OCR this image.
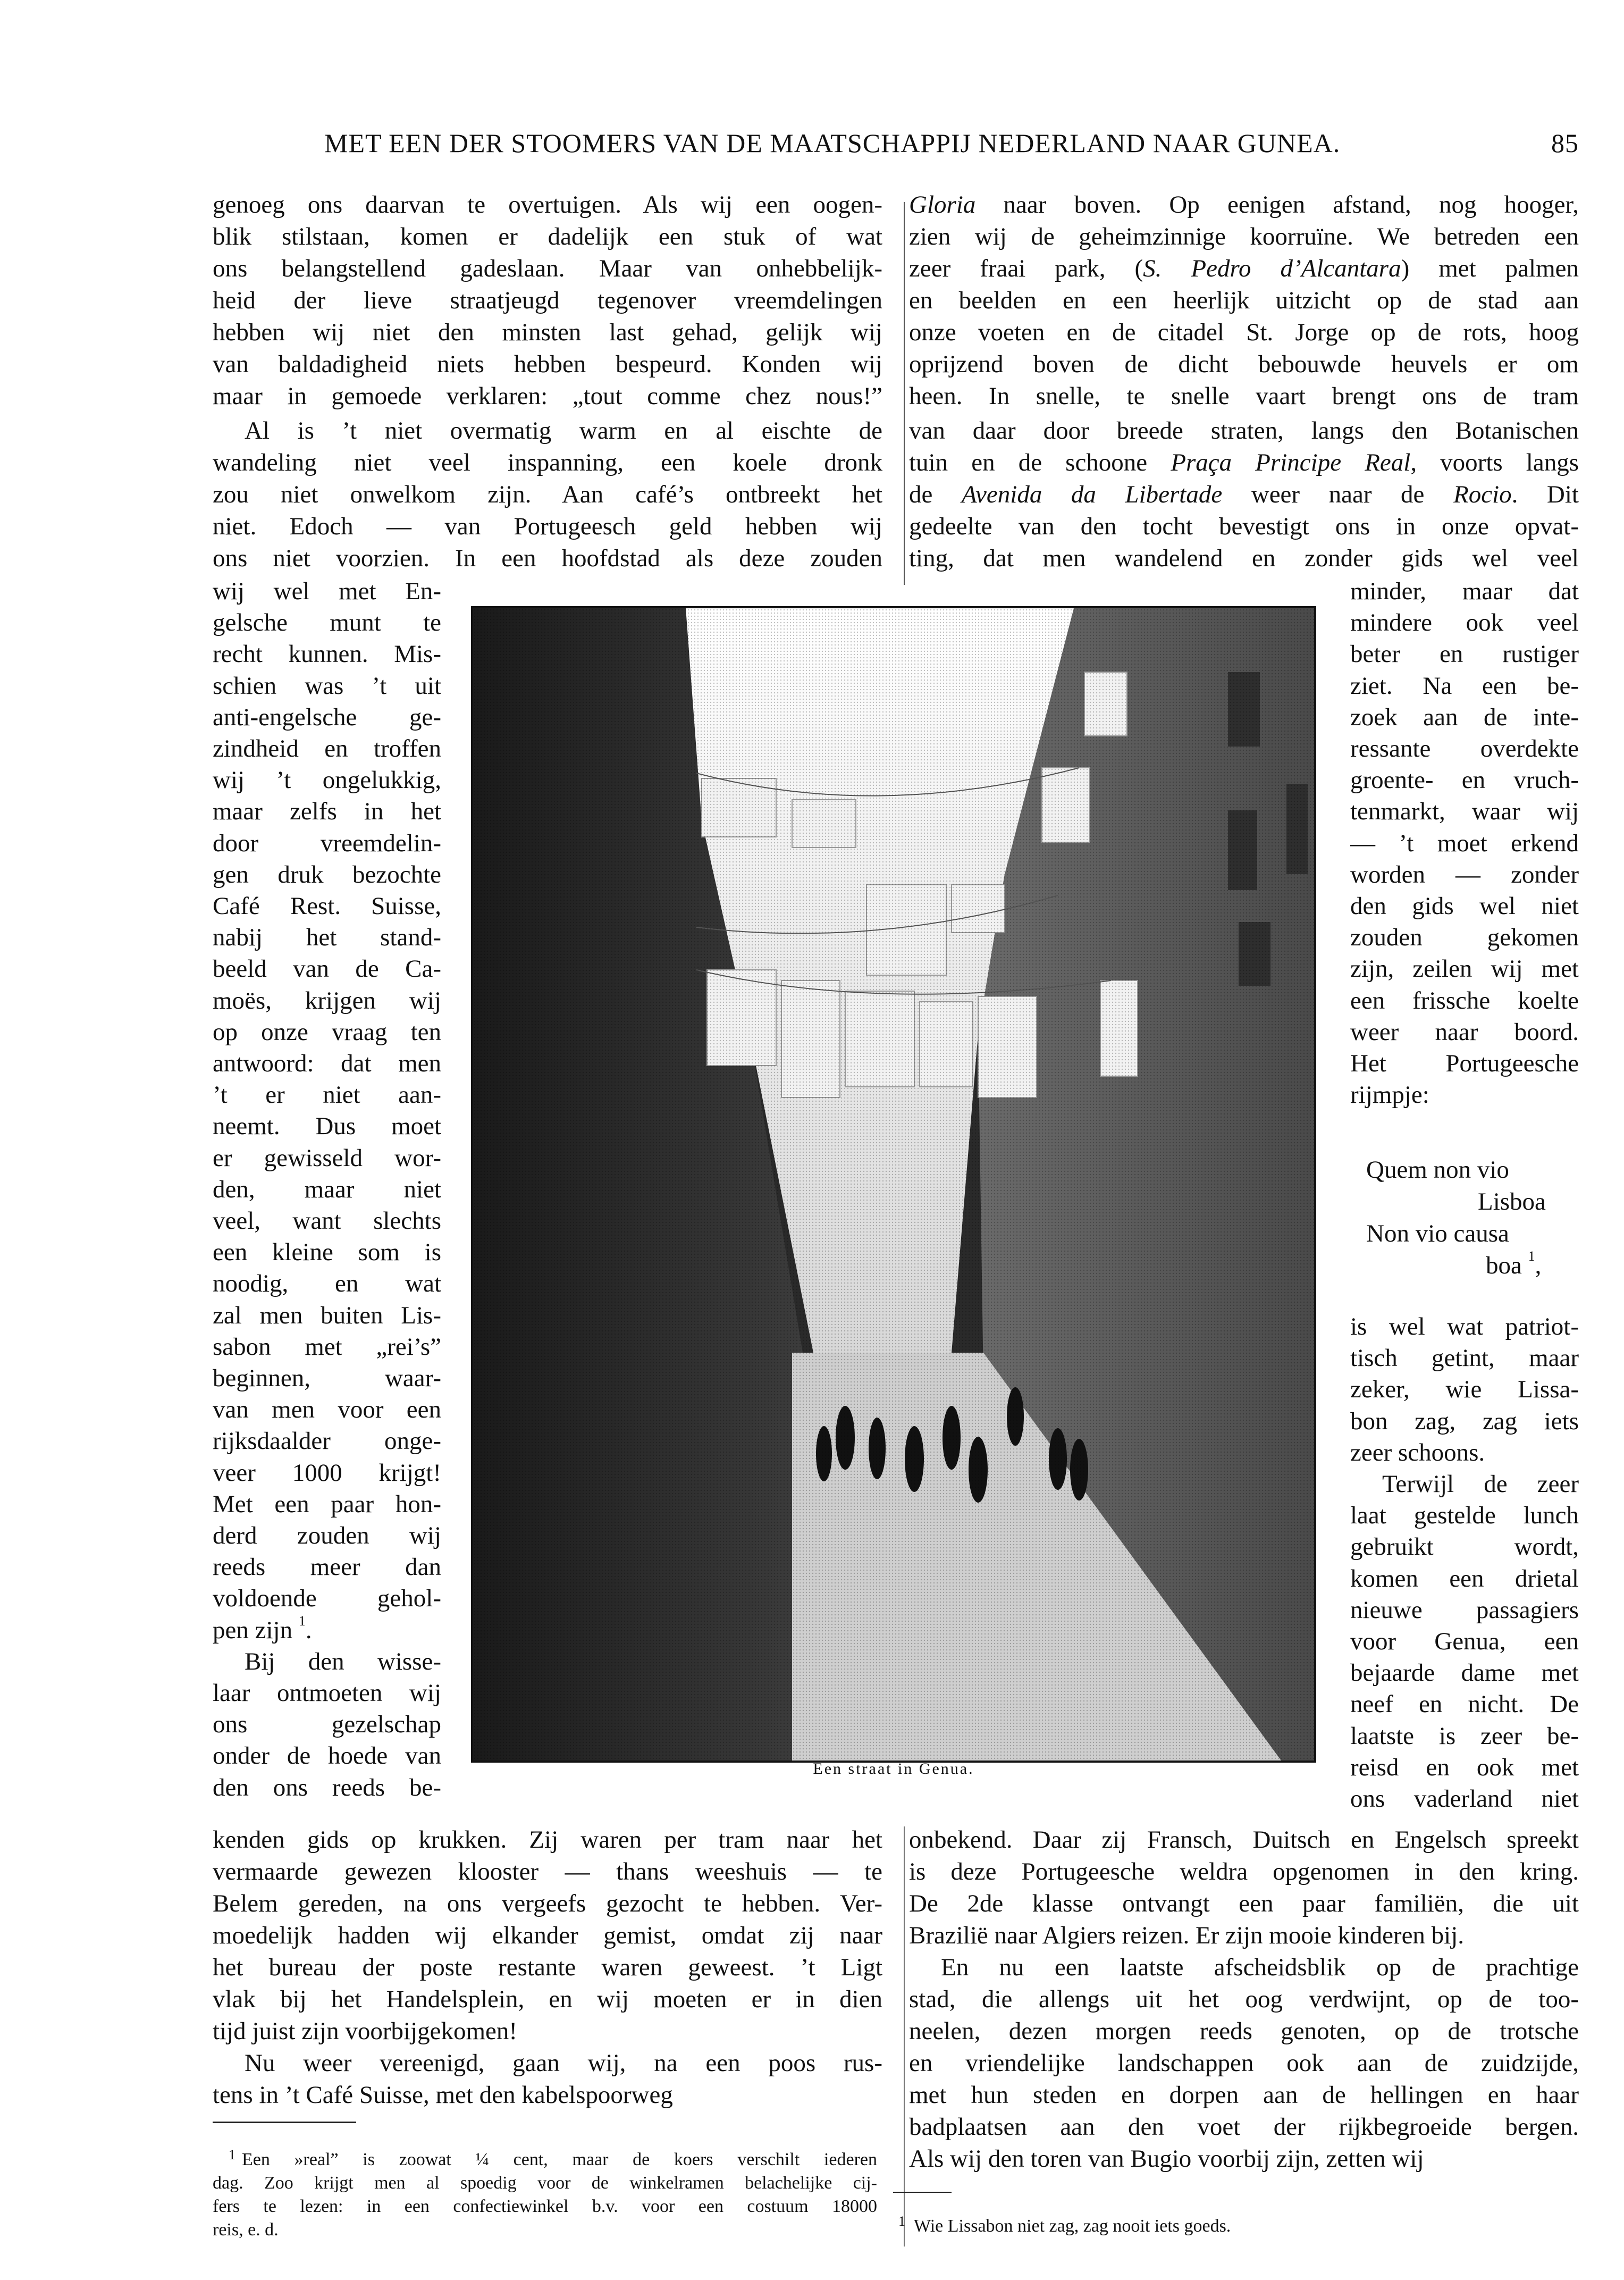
MET EEN DER STOOMERS VAN DE MAATSCHAPPIJ NEDERLAND NAAR GUNEA.	85
genoeg ons daarvan te overtuigen. Als wij een oogen-
blik stilstaan, komen er dadelijk een stuk of wat
ons belangstellend gadeslaan. Maar van onhebbelijk-
heid der lieve straatjeugd tegenover vreemdelingen
hebben wij niet den minsten last gehad, gelijk wij
van baldadigheid niets hebben bespeurd. Konden wij
maar in gemoede verklaren: „tout comme chez nous!”
Al is ’t niet overmatig warm en al eischte de
wandeling niet veel inspanning, een koele dronk
zou niet onwelkom zijn. Aan café’s ontbreekt het
niet. Edoch — van Portugeesch geld hebben wij
ons niet voorzien. In een hoofdstad als deze zouden
Gloria naar boven. Op eenigen afstand, nog hooger,
zien wij de geheimzinnige koorruïne. We betreden een
zeer fraai park, (S. Pedro d’Alcantara) met palmen
en beelden en een heerlijk uitzicht op de stad aan
onze voeten en de citadel St. Jorge op de rots, hoog
oprijzend boven de dicht bebouwde heuvels er om
heen. In snelle, te snelle vaart brengt ons de tram
van daar door breede straten, langs den Botanischen
tuin en de schoone Praça Principe Real, voorts langs
de Avenida da Libertade weer naar de Rocio. Dit
gedeelte van den tocht bevestigt ons in onze opvat-
ting, dat men wandelend en zonder gids wel veel
wij wel met En-
gelsche munt te
recht kunnen. Mis-
schien was ’t uit
anti-engelsche ge-
zindheid en troffen
wij ’t ongelukkig,
maar zelfs in het
door vreemdelin-
gen druk bezochte
Café Rest. Suisse,
nabij het stand-
beeld van de Ca-
moës, krijgen wij
op onze vraag ten
antwoord: dat men
’t er niet aan-
neemt. Dus moet
er gewisseld wor-
den, maar niet
veel, want slechts
een kleine som is
noodig, en wat
zal men buiten Lis-
sabon met „rei’s”
beginnen, waar-
van men voor een
rijksdaalder onge-
veer 1000 krijgt!
Met een paar hon-
derd zouden wij
reeds meer dan
voldoende gehol-
pen zijn $^1$.
Bij den wisse-
laar ontmoeten wij
ons gezelschap
onder de hoede van
den ons reeds be-
minder, maar dat
mindere ook veel
beter en rustiger
ziet. Na een be-
zoek aan de inte-
ressante overdekte
groente- en vruch-
tenmarkt, waar wij
— ’t moet erkend
worden — zonder
den gids wel niet
zouden gekomen
zijn, zeilen wij met
een frissche koelte
weer naar boord.
Het Portugeesche
rijmpje:
is wel wat patriot-
tisch getint, maar
zeker, wie Lissa-
bon zag, zag iets
zeer schoons.
Terwijl de zeer
laat gestelde lunch
gebruikt wordt,
komen een drietal
nieuwe passagiers
voor Genua, een
bejaarde dame met
neef en nicht. De
laatste is zeer be-
reisd en ook met
ons vaderland niet
Quem non vio
Lisboa
Non vio causa
boa $^1$,
Een straat in Genua.
kenden gids op krukken. Zij waren per tram naar het
vermaarde gewezen klooster — thans weeshuis — te
Belem gereden, na ons vergeefs gezocht te hebben. Ver-
moedelijk hadden wij elkander gemist, omdat zij naar
het bureau der poste restante waren geweest. ’t Ligt
vlak bij het Handelsplein, en wij moeten er in dien
tijd juist zijn voorbijgekomen!
Nu weer vereenigd, gaan wij, na een poos rus-
tens in ’t Café Suisse, met den kabelspoorweg
onbekend. Daar zij Fransch, Duitsch en Engelsch spreekt
is deze Portugeesche weldra opgenomen in den kring.
De 2de klasse ontvangt een paar familiën, die uit
Brazilië naar Algiers reizen. Er zijn mooie kinderen bij.
En nu een laatste afscheidsblik op de prachtige
stad, die allengs uit het oog verdwijnt, op de too-
neelen, dezen morgen reeds genoten, op de trotsche
en vriendelijke landschappen ook aan de zuidzijde,
met hun steden en dorpen aan de hellingen en haar
badplaatsen aan den voet der rijkbegroeide bergen.
Als wij den toren van Bugio voorbij zijn, zetten wij
$^1$ Een »real” is zoowat ¼ cent, maar de koers verschilt iederen
dag. Zoo krijgt men al spoedig voor de winkelramen belachelijke cij-
fers te lezen: in een confectiewinkel b.v. voor een costuum 18000
reis, e. d.	$^1$ Wie Lissabon niet zag, zag nooit iets goeds.
